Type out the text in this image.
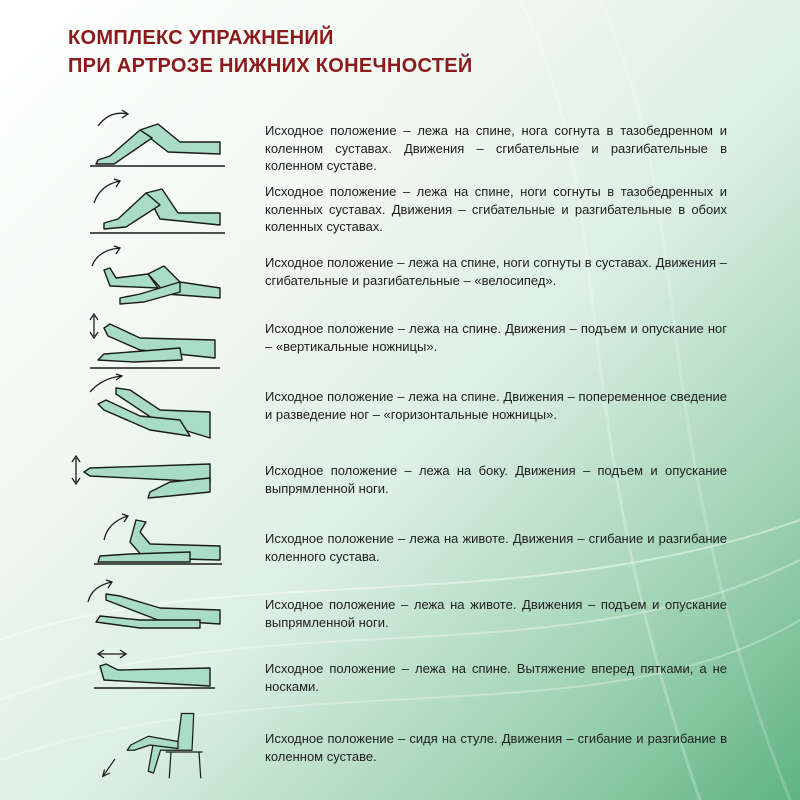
КОМПЛЕКС УПРАЖНЕНИЙ
ПРИ АРТРОЗЕ НИЖНИХ КОНЕЧНОСТЕЙ

Исходное положение – лежа на спине, нога согнута в тазобедренном и коленном суставах. Движения – сгибательные и разгибательные в коленном суставе.

Исходное положение – лежа на спине, ноги согнуты в тазобедренных и коленных суставах. Движения – сгибательные и разгибательные в обоих коленных суставах.

Исходное положение – лежа на спине, ноги согнуты в суставах. Движения – сгибательные и разгибательные – «велосипед».

Исходное положение – лежа на спине. Движения – подъем и опускание ног – «вертикальные ножницы».

Исходное положение – лежа на спине. Движения – попеременное сведение и разведение ног – «горизонтальные ножницы».

Исходное положение – лежа на боку. Движения – подъем и опускание выпрямленной ноги.

Исходное положение – лежа на животе. Движения – сгибание и разгибание коленного сустава.

Исходное положение – лежа на животе. Движения – подъем и опускание выпрямленной ноги.

Исходное положение – лежа на спине. Вытяжение вперед пятками, а не носками.

Исходное положение – сидя на стуле. Движения – сгибание и разгибание в коленном суставе.
